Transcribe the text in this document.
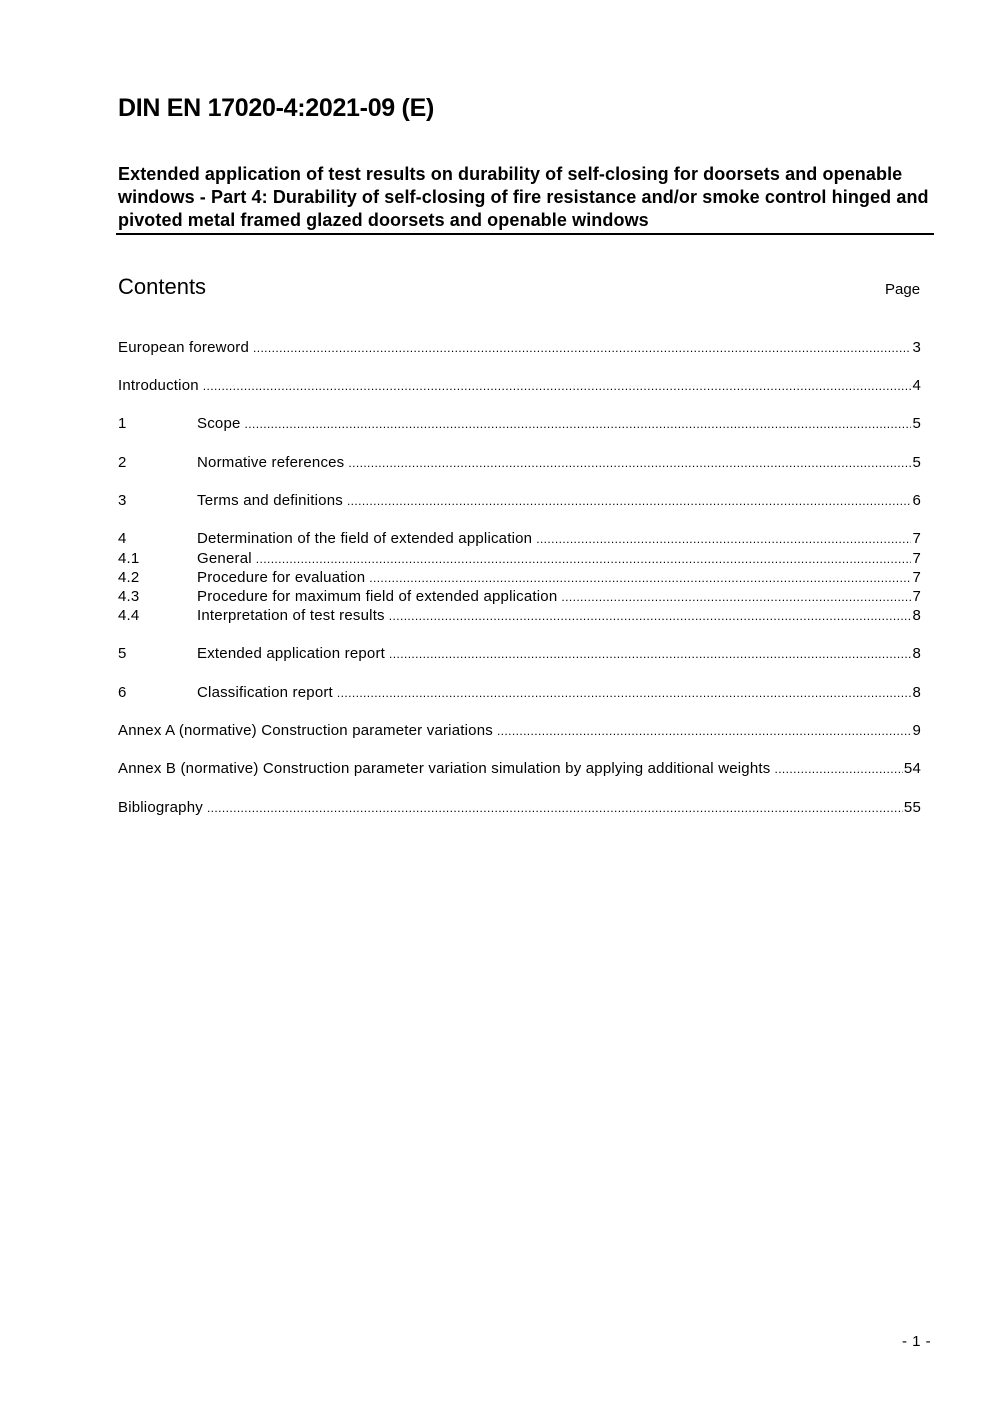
DIN EN 17020-4:2021-09 (E)
Extended application of test results on durability of self-closing for doorsets and openable windows - Part 4: Durability of self-closing of fire resistance and/or smoke control hinged and pivoted metal framed glazed doorsets and openable windows
Contents	Page
European foreword .....	3
Introduction .....	4
1	Scope .....	5
2	Normative references .....	5
3	Terms and definitions .....	6
4	Determination of the field of extended application .....	7
4.1	General .....	7
4.2	Procedure for evaluation .....	7
4.3	Procedure for maximum field of extended application .....	7
4.4	Interpretation of test results .....	8
5	Extended application report .....	8
6	Classification report .....	8
Annex A (normative) Construction parameter variations .....	9
Annex B (normative) Construction parameter variation simulation by applying additional weights .....	54
Bibliography .....	55
- 1 -
